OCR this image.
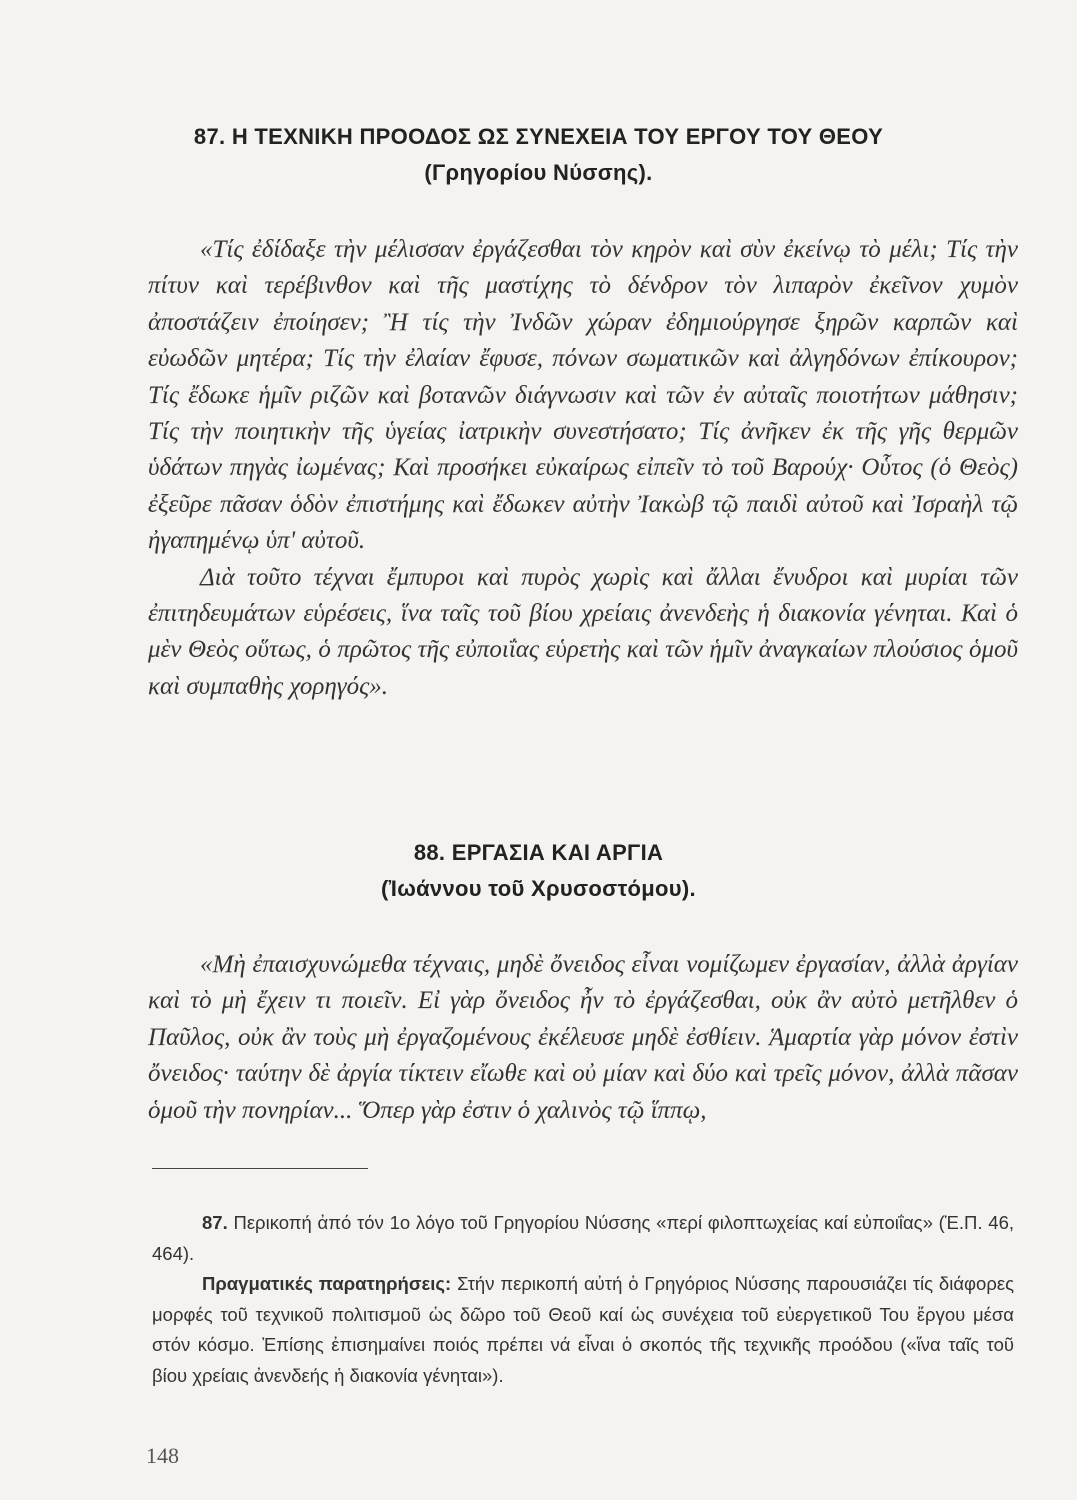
87. Η ΤΕΧΝΙΚΗ ΠΡΟΟΔΟΣ ΩΣ ΣΥΝΕΧΕΙΑ ΤΟΥ ΕΡΓΟΥ ΤΟΥ ΘΕΟΥ
(Γρηγορίου Νύσσης).

«Τίς ἐδίδαξε τὴν μέλισσαν ἐργάζεσθαι τὸν κηρὸν καὶ σὺν ἐκείνῳ τὸ μέλι; Τίς τὴν πίτυν καὶ τερέβινθον καὶ τῆς μαστίχης τὸ δένδρον τὸν λιπαρὸν ἐκεῖνον χυμὸν ἀποστάζειν ἐποίησεν; Ἢ τίς τὴν Ἰνδῶν χώραν ἐδημιούργησε ξηρῶν καρπῶν καὶ εὐωδῶν μητέρα; Τίς τὴν ἐλαίαν ἔφυσε, πόνων σωματικῶν καὶ ἀλγηδόνων ἐπίκουρον; Τίς ἔδωκε ἡμῖν ριζῶν καὶ βοτανῶν διάγνωσιν καὶ τῶν ἐν αὐταῖς ποιοτήτων μάθησιν; Τίς τὴν ποιητικὴν τῆς ὑγείας ἰατρικὴν συνεστήσατο; Τίς ἀνῆκεν ἐκ τῆς γῆς θερμῶν ὑδάτων πηγὰς ἰωμένας; Καὶ προσήκει εὐκαίρως εἰπεῖν τὸ τοῦ Βαρούχ· Οὗτος (ὁ Θεὸς) ἐξεῦρε πᾶσαν ὁδὸν ἐπιστήμης καὶ ἔδωκεν αὐτὴν Ἰακὼβ τῷ παιδὶ αὐτοῦ καὶ Ἰσραὴλ τῷ ἠγαπημένῳ ὑπ' αὐτοῦ.

Διὰ τοῦτο τέχναι ἔμπυροι καὶ πυρὸς χωρὶς καὶ ἄλλαι ἔνυδροι καὶ μυρίαι τῶν ἐπιτηδευμάτων εὑρέσεις, ἵνα ταῖς τοῦ βίου χρείαις ἀνενδεὴς ἡ διακονία γένηται. Καὶ ὁ μὲν Θεὸς οὕτως, ὁ πρῶτος τῆς εὐποιΐας εὑρετὴς καὶ τῶν ἡμῖν ἀναγκαίων πλούσιος ὁμοῦ καὶ συμπαθὴς χορηγός».

88. ΕΡΓΑΣΙΑ ΚΑΙ ΑΡΓΙΑ
(Ἰωάννου τοῦ Χρυσοστόμου).

«Μὴ ἐπαισχυνώμεθα τέχναις, μηδὲ ὄνειδος εἶναι νομίζωμεν ἐργασίαν, ἀλλὰ ἀργίαν καὶ τὸ μὴ ἔχειν τι ποιεῖν. Εἰ γὰρ ὄνειδος ἦν τὸ ἐργάζεσθαι, οὐκ ἂν αὐτὸ μετῆλθεν ὁ Παῦλος, οὐκ ἂν τοὺς μὴ ἐργαζομένους ἐκέλευσε μηδὲ ἐσθίειν. Ἁμαρτία γὰρ μόνον ἐστὶν ὄνειδος· ταύτην δὲ ἀργία τίκτειν εἴωθε καὶ οὐ μίαν καὶ δύο καὶ τρεῖς μόνον, ἀλλὰ πᾶσαν ὁμοῦ τὴν πονηρίαν... Ὅπερ γὰρ ἐστιν ὁ χαλινὸς τῷ ἵππῳ,

87. Περικοπή ἀπό τόν 1ο λόγο τοῦ Γρηγορίου Νύσσης «περί φιλοπτωχείας καί εὐποιΐας» (Ἑ.Π. 46, 464).

Πραγματικές παρατηρήσεις: Στήν περικοπή αὐτή ὁ Γρηγόριος Νύσσης παρουσιάζει τίς διάφορες μορφές τοῦ τεχνικοῦ πολιτισμοῦ ὡς δῶρο τοῦ Θεοῦ καί ὡς συνέχεια τοῦ εὐεργετικοῦ Του ἔργου μέσα στόν κόσμο. Ἐπίσης ἐπισημαίνει ποιός πρέπει νά εἶναι ὁ σκοπός τῆς τεχνικῆς προόδου («ἵνα ταῖς τοῦ βίου χρείαις ἀνενδεής ἡ διακονία γένηται»).

148
